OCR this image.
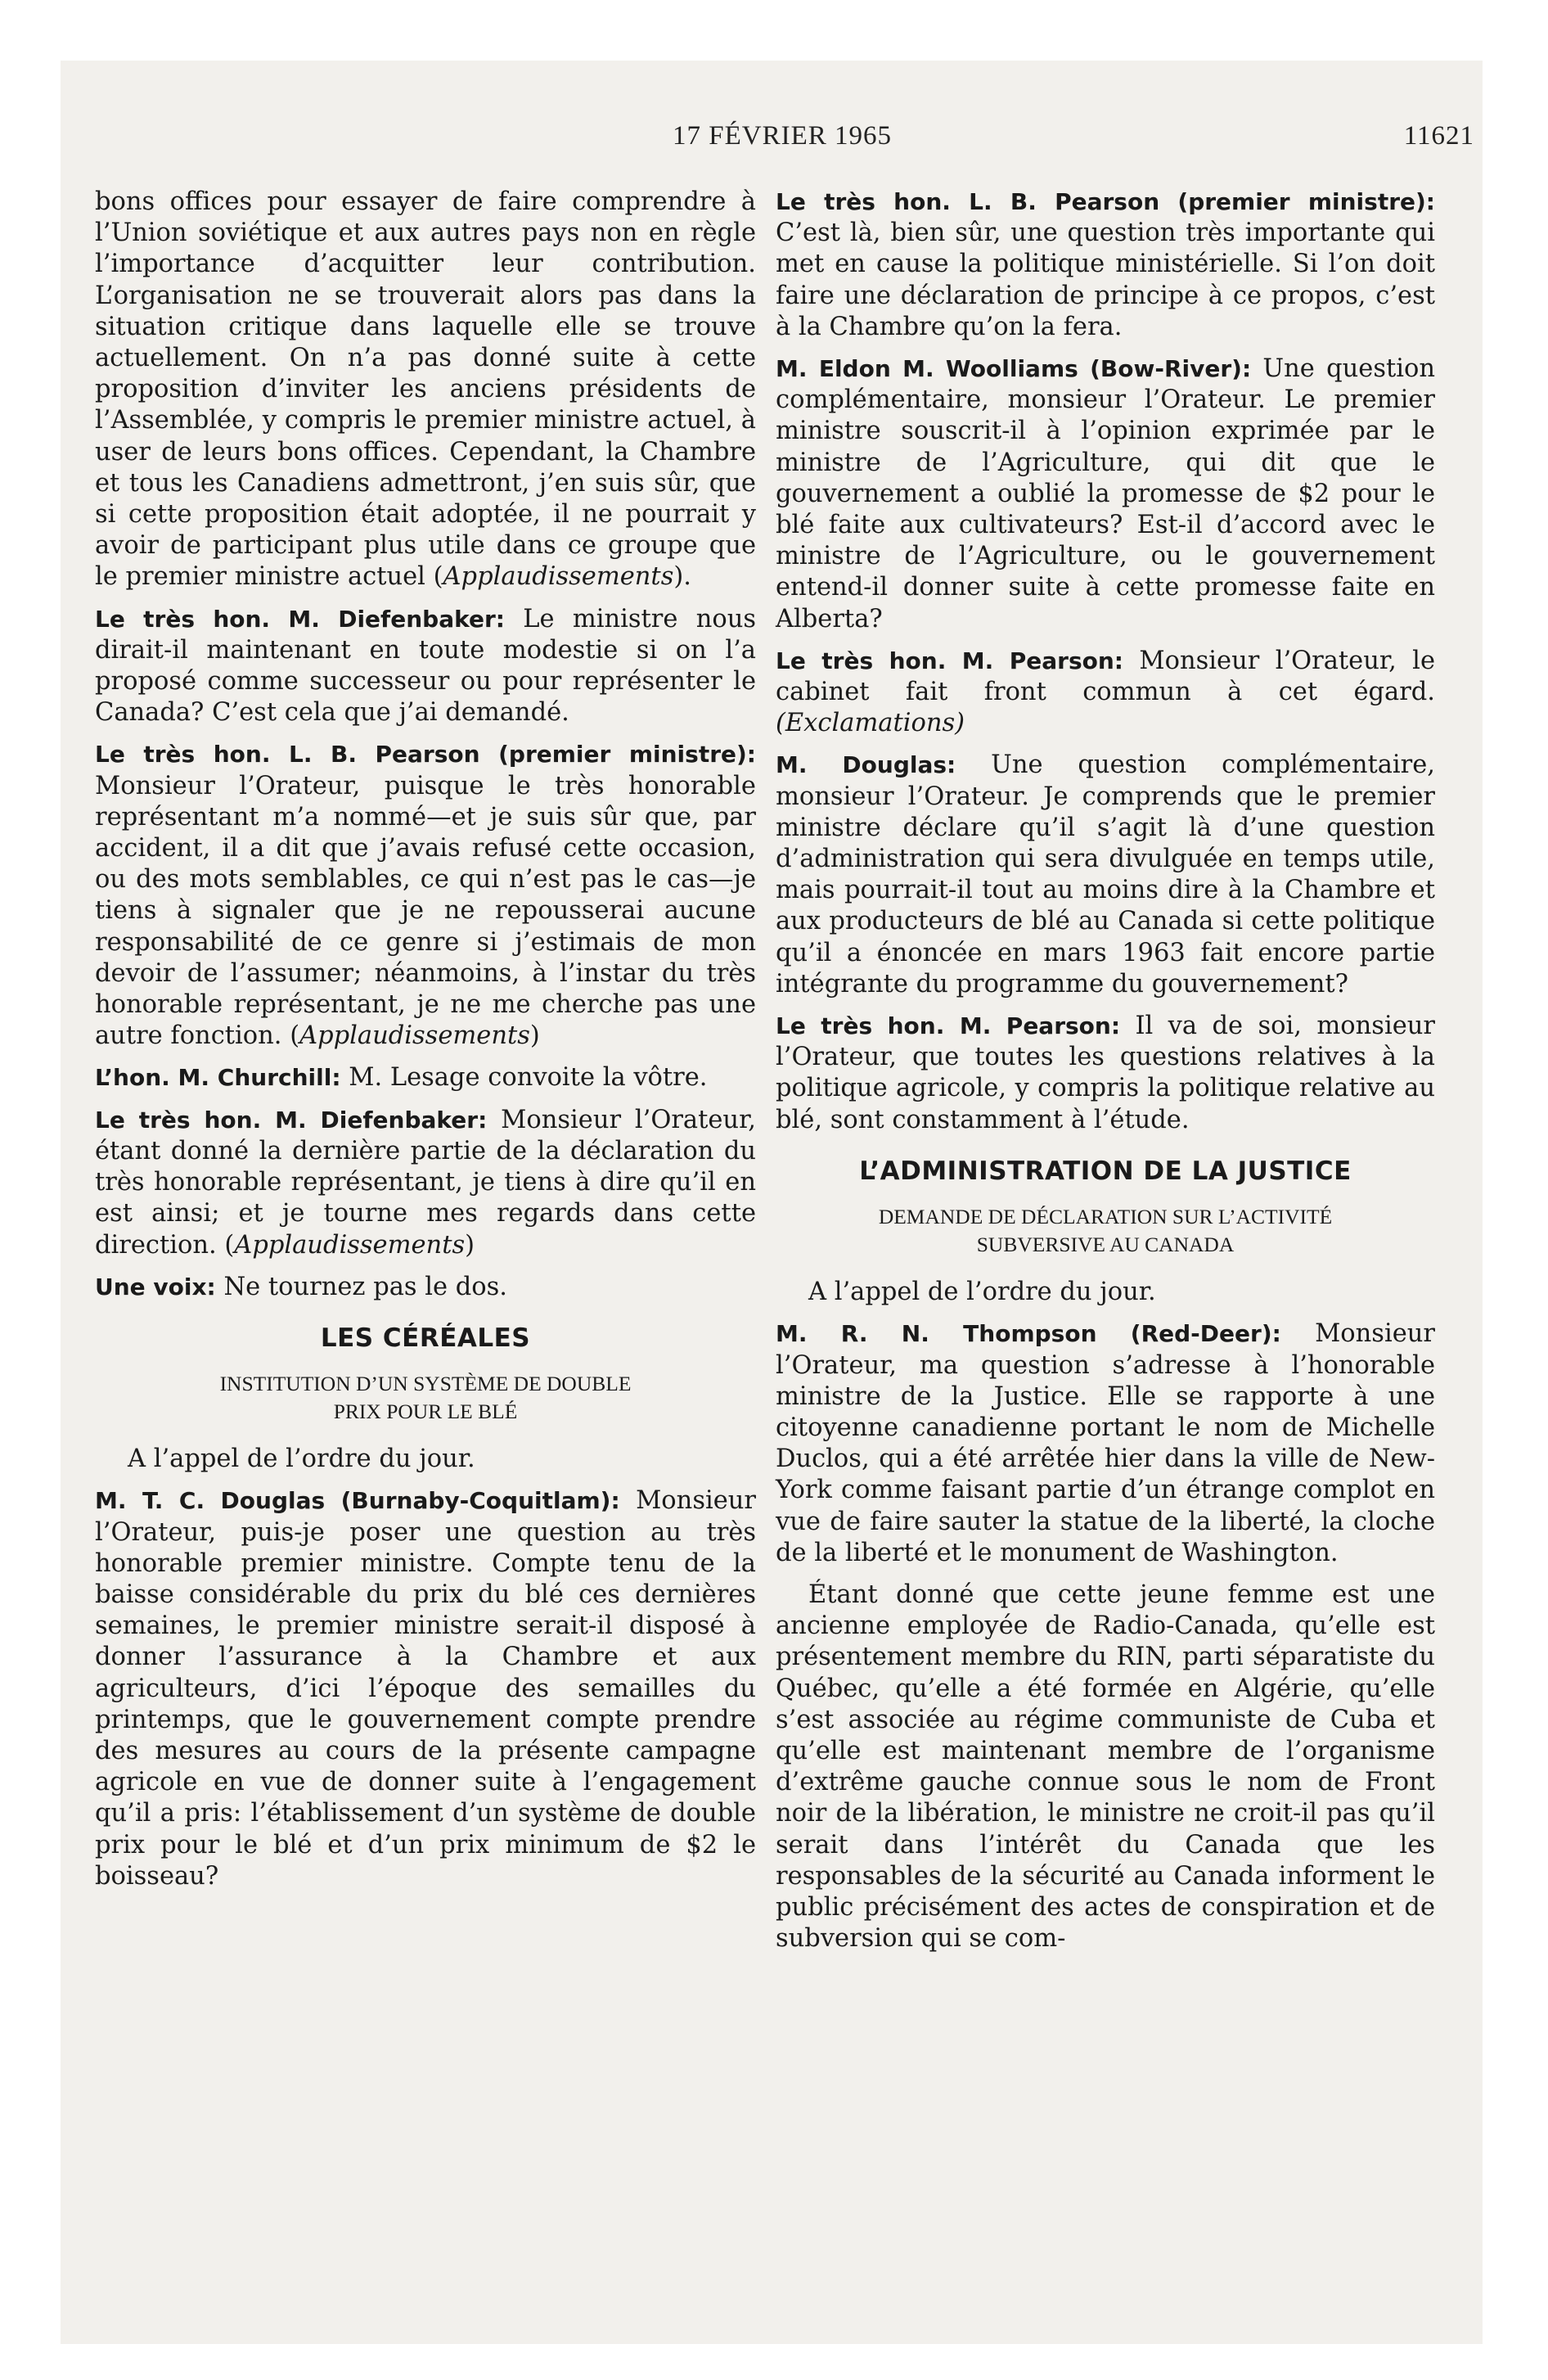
17 FÉVRIER 1965	11621

bons offices pour essayer de faire comprendre à l’Union soviétique et aux autres pays non en règle l’importance d’acquitter leur contribution. L’organisation ne se trouverait alors pas dans la situation critique dans laquelle elle se trouve actuellement. On n’a pas donné suite à cette proposition d’inviter les anciens présidents de l’Assemblée, y compris le premier ministre actuel, à user de leurs bons offices. Cependant, la Chambre et tous les Canadiens admettront, j’en suis sûr, que si cette proposition était adoptée, il ne pourrait y avoir de participant plus utile dans ce groupe que le premier ministre actuel (Applaudissements).

Le très hon. M. Diefenbaker: Le ministre nous dirait-il maintenant en toute modestie si on l’a proposé comme successeur ou pour représenter le Canada? C’est cela que j’ai demandé.

Le très hon. L. B. Pearson (premier ministre): Monsieur l’Orateur, puisque le très honorable représentant m’a nommé—et je suis sûr que, par accident, il a dit que j’avais refusé cette occasion, ou des mots semblables, ce qui n’est pas le cas—je tiens à signaler que je ne repousserai aucune responsabilité de ce genre si j’estimais de mon devoir de l’assumer; néanmoins, à l’instar du très honorable représentant, je ne me cherche pas une autre fonction. (Applaudissements)

L’hon. M. Churchill: M. Lesage convoite la vôtre.

Le très hon. M. Diefenbaker: Monsieur l’Orateur, étant donné la dernière partie de la déclaration du très honorable représentant, je tiens à dire qu’il en est ainsi; et je tourne mes regards dans cette direction. (Applaudissements)

Une voix: Ne tournez pas le dos.

LES CÉRÉALES
INSTITUTION D’UN SYSTÈME DE DOUBLE
PRIX POUR LE BLÉ

A l’appel de l’ordre du jour.

M. T. C. Douglas (Burnaby-Coquitlam): Monsieur l’Orateur, puis-je poser une question au très honorable premier ministre. Compte tenu de la baisse considérable du prix du blé ces dernières semaines, le premier ministre serait-il disposé à donner l’assurance à la Chambre et aux agriculteurs, d’ici l’époque des semailles du printemps, que le gouvernement compte prendre des mesures au cours de la présente campagne agricole en vue de donner suite à l’engagement qu’il a pris: l’établissement d’un système de double prix pour le blé et d’un prix minimum de $2 le boisseau?

Le très hon. L. B. Pearson (premier ministre): C’est là, bien sûr, une question très importante qui met en cause la politique ministérielle. Si l’on doit faire une déclaration de principe à ce propos, c’est à la Chambre qu’on la fera.

M. Eldon M. Woolliams (Bow-River): Une question complémentaire, monsieur l’Orateur. Le premier ministre souscrit-il à l’opinion exprimée par le ministre de l’Agriculture, qui dit que le gouvernement a oublié la promesse de $2 pour le blé faite aux cultivateurs? Est-il d’accord avec le ministre de l’Agriculture, ou le gouvernement entend-il donner suite à cette promesse faite en Alberta?

Le très hon. M. Pearson: Monsieur l’Orateur, le cabinet fait front commun à cet égard. (Exclamations)

M. Douglas: Une question complémentaire, monsieur l’Orateur. Je comprends que le premier ministre déclare qu’il s’agit là d’une question d’administration qui sera divulguée en temps utile, mais pourrait-il tout au moins dire à la Chambre et aux producteurs de blé au Canada si cette politique qu’il a énoncée en mars 1963 fait encore partie intégrante du programme du gouvernement?

Le très hon. M. Pearson: Il va de soi, monsieur l’Orateur, que toutes les questions relatives à la politique agricole, y compris la politique relative au blé, sont constamment à l’étude.

L’ADMINISTRATION DE LA JUSTICE
DEMANDE DE DÉCLARATION SUR L’ACTIVITÉ
SUBVERSIVE AU CANADA

A l’appel de l’ordre du jour.

M. R. N. Thompson (Red-Deer): Monsieur l’Orateur, ma question s’adresse à l’honorable ministre de la Justice. Elle se rapporte à une citoyenne canadienne portant le nom de Michelle Duclos, qui a été arrêtée hier dans la ville de New-York comme faisant partie d’un étrange complot en vue de faire sauter la statue de la liberté, la cloche de la liberté et le monument de Washington.

Étant donné que cette jeune femme est une ancienne employée de Radio-Canada, qu’elle est présentement membre du RIN, parti séparatiste du Québec, qu’elle a été formée en Algérie, qu’elle s’est associée au régime communiste de Cuba et qu’elle est maintenant membre de l’organisme d’extrême gauche connue sous le nom de Front noir de la libération, le ministre ne croit-il pas qu’il serait dans l’intérêt du Canada que les responsables de la sécurité au Canada informent le public précisément des actes de conspiration et de subversion qui se com-
